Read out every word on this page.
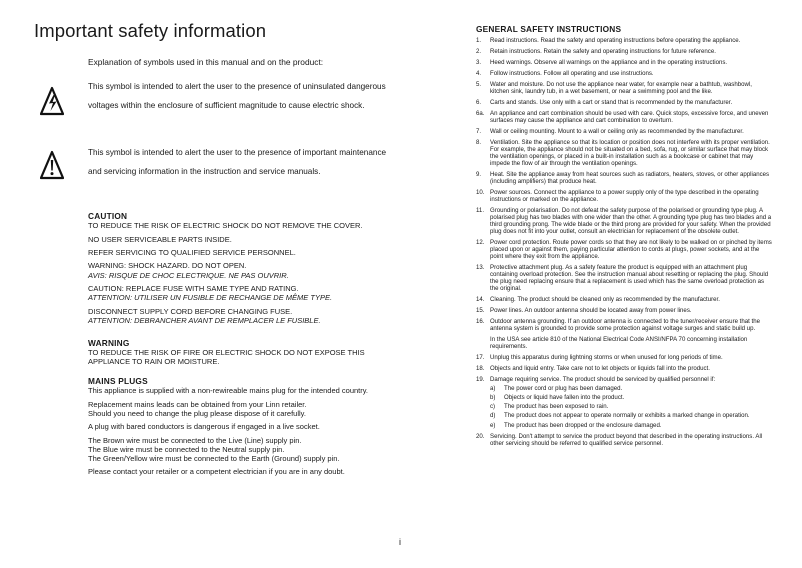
Important safety information
Explanation of symbols used in this manual and on the product:
This symbol is intended to alert the user to the presence of uninsulated dangerous voltages within the enclosure of sufficient magnitude to cause electric shock.
This symbol is intended to alert the user to the presence of important maintenance and servicing information in the instruction and service manuals.
CAUTION

TO REDUCE THE RISK OF ELECTRIC SHOCK DO NOT REMOVE THE COVER.

NO USER SERVICEABLE PARTS INSIDE.

REFER SERVICING TO QUALIFIED SERVICE PERSONNEL.

WARNING: SHOCK HAZARD. DO NOT OPEN.
AVIS: RISQUE DE CHOC ELECTRIQUE. NE PAS OUVRIR.

CAUTION: REPLACE FUSE WITH SAME TYPE AND RATING.
ATTENTION: UTILISER UN FUSIBLE DE RECHANGE DE MÊME TYPE.

DISCONNECT SUPPLY CORD BEFORE CHANGING FUSE.
ATTENTION: DEBRANCHER AVANT DE REMPLACER LE FUSIBLE.

WARNING

TO REDUCE THE RISK OF FIRE OR ELECTRIC SHOCK DO NOT EXPOSE THIS APPLIANCE TO RAIN OR MOISTURE.

MAINS PLUGS

This appliance is supplied with a non-rewireable mains plug for the intended country.

Replacement mains leads can be obtained from your Linn retailer.
Should you need to change the plug please dispose of it carefully.

A plug with bared conductors is dangerous if engaged in a live socket.

The Brown wire must be connected to the Live (Line) supply pin.
The Blue wire must be connected to the Neutral supply pin.
The Green/Yellow wire must be connected to the Earth (Ground) supply pin.

Please contact your retailer or a competent electrician if you are in any doubt.

i
GENERAL SAFETY INSTRUCTIONS
1. Read instructions. Read the safety and operating instructions before operating the appliance.
2. Retain instructions. Retain the safety and operating instructions for future reference.
3. Heed warnings. Observe all warnings on the appliance and in the operating instructions.
4. Follow instructions. Follow all operating and use instructions.
5. Water and moisture. Do not use the appliance near water, for example near a bathtub, washbowl, kitchen sink, laundry tub, in a wet basement, or near a swimming pool and the like.
6. Carts and stands. Use only with a cart or stand that is recommended by the manufacturer.
6a. An appliance and cart combination should be used with care. Quick stops, excessive force, and uneven surfaces may cause the appliance and cart combination to overturn.
7. Wall or ceiling mounting. Mount to a wall or ceiling only as recommended by the manufacturer.
8. Ventilation. Site the appliance so that its location or position does not interfere with its proper ventilation. For example, the appliance should not be situated on a bed, sofa, rug, or similar surface that may block the ventilation openings, or placed in a built-in installation such as a bookcase or cabinet that may impede the flow of air through the ventilation openings.
9. Heat. Site the appliance away from heat sources such as radiators, heaters, stoves, or other appliances (including amplifiers) that produce heat.
10. Power sources. Connect the appliance to a power supply only of the type described in the operating instructions or marked on the appliance.
11. Grounding or polarisation. Do not defeat the safety purpose of the polarised or grounding type plug. A polarised plug has two blades with one wider than the other. A grounding type plug has two blades and a third grounding prong. The wide blade or the third prong are provided for your safety. When the provided plug does not fit into your outlet, consult an electrician for replacement of the obsolete outlet.
12. Power cord protection. Route power cords so that they are not likely to be walked on or pinched by items placed upon or against them, paying particular attention to cords at plugs, power sockets, and at the point where they exit from the appliance.
13. Protective attachment plug. As a safety feature the product is equipped with an attachment plug containing overload protection. See the instruction manual about resetting or replacing the plug. Should the plug need replacing ensure that a replacement is used which has the same overload protection as the original.
14. Cleaning. The product should be cleaned only as recommended by the manufacturer.
15. Power lines. An outdoor antenna should be located away from power lines.
16. Outdoor antenna grounding. If an outdoor antenna is connected to the tuner/receiver ensure that the antenna system is grounded to provide some protection against voltage surges and static build up.
In the USA see article 810 of the National Electrical Code ANSI/NFPA 70 concerning installation requirements.
17. Unplug this apparatus during lightning storms or when unused for long periods of time.
18. Objects and liquid entry. Take care not to let objects or liquids fall into the product.
19. Damage requiring service. The product should be serviced by qualified personnel if:
a) The power cord or plug has been damaged.
b) Objects or liquid have fallen into the product.
c) The product has been exposed to rain.
d) The product does not appear to operate normally or exhibits a marked change in operation.
e) The product has been dropped or the enclosure damaged.
20. Servicing. Don't attempt to service the product beyond that described in the operating instructions. All other servicing should be referred to qualified service personnel.
